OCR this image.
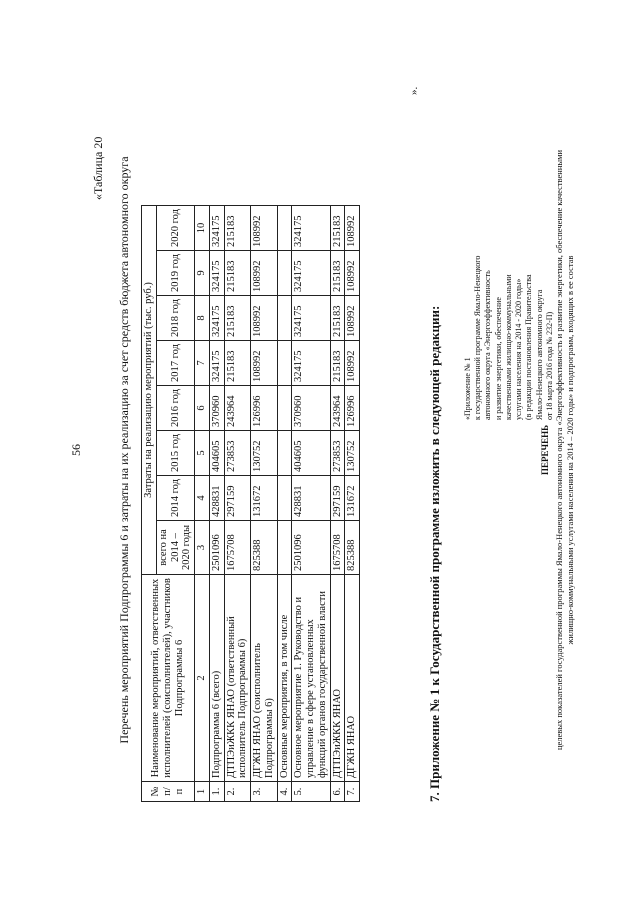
56
«Таблица 20 Перечень мероприятий Подпрограммы 6 и затраты на их реализацию за счет средств бюджета автономного округа
№ п/п	Наименование мероприятий, ответственных исполнителей (соисполнителей), участников Подпрограммы 6	Затраты на реализацию мероприятий (тыс. руб.)							
		всего на 2014 – 2020 годы	2014 год	2015 год	2016 год	2017 год	2018 год	2019 год	2020 год
1	2	3	4	5	6	7	8	9	10
1.	Подпрограмма 6 (всего)	2501096	428831	404605	370960	324175	324175	324175	324175
2.	ДТПЭиЖКК ЯНАО (ответственный исполнитель Подпрограммы 6)	1675708	297159	273853	243964	215183	215183	215183	215183
3.	ДГЖН ЯНАО (соисполнитель Подпрограммы 6)	825388	131672	130752	126996	108992	108992	108992	108992
4.	Основные мероприятия, в том числе								
5.	Основное мероприятие 1. Руководство и управление в сфере установленных функций органов государственной власти	2501096	428831	404605	370960	324175	324175	324175	324175
6.	ДТПЭиЖКК ЯНАО	1675708	297159	273853	243964	215183	215183	215183	215183
7.	ДГЖН ЯНАО	825388	131672	130752	126996	108992	108992	108992	108992
».
7. Приложение № 1 к Государственной программе изложить в следующей редакции:	«Приложение № 1 к государственной программе Ямало-Ненецкого автономного округа «Энергоэффективность и развитие энергетики, обеспечение качественными жилищно-коммунальными услугами населения на 2014 - 2020 годы» (в редакции постановления Правительства Ямало-Ненецкого автономного округа от 18 марта 2016 года № 232-П)
ПЕРЕЧЕНЬ целевых показателей государственной программы Ямало-Ненецкого автономного округа «Энергоэффективность и развитие энергетики, обеспечение качественными жилищно-коммунальными услугами населения на 2014 – 2020 годы» и подпрограмм, входящих в ее состав
